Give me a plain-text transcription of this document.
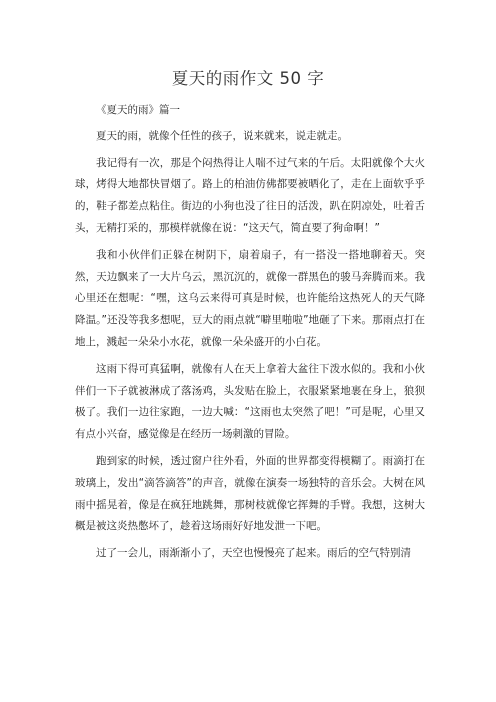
夏天的雨作文 50 字

《夏天的雨》篇一

夏天的雨，就像个任性的孩子，说来就来，说走就走。

我记得有一次，那是个闷热得让人喘不过气来的午后。太阳就像个大火球，烤得大地都快冒烟了。路上的柏油仿佛都要被晒化了，走在上面软乎乎的，鞋子都差点粘住。街边的小狗也没了往日的活泼，趴在阴凉处，吐着舌头，无精打采的，那模样就像在说：“这天气，简直要了狗命啊！”

我和小伙伴们正躲在树阴下，扇着扇子，有一搭没一搭地聊着天。突然，天边飘来了一大片乌云，黑沉沉的，就像一群黑色的骏马奔腾而来。我心里还在想呢：“嘿，这乌云来得可真是时候，也许能给这热死人的天气降降温。”还没等我多想呢，豆大的雨点就“噼里啪啦”地砸了下来。那雨点打在地上，溅起一朵朵小水花，就像一朵朵盛开的小白花。

这雨下得可真猛啊，就像有人在天上拿着大盆往下泼水似的。我和小伙伴们一下子就被淋成了落汤鸡，头发贴在脸上，衣服紧紧地裹在身上，狼狈极了。我们一边往家跑，一边大喊：“这雨也太突然了吧！”可是呢，心里又有点小兴奋，感觉像是在经历一场刺激的冒险。

跑到家的时候，透过窗户往外看，外面的世界都变得模糊了。雨滴打在玻璃上，发出“滴答滴答”的声音，就像在演奏一场独特的音乐会。大树在风雨中摇晃着，像是在疯狂地跳舞，那树枝就像它挥舞的手臂。我想，这树大概是被这炎热憋坏了，趁着这场雨好好地发泄一下吧。

过了一会儿，雨渐渐小了，天空也慢慢亮了起来。雨后的空气特别清
